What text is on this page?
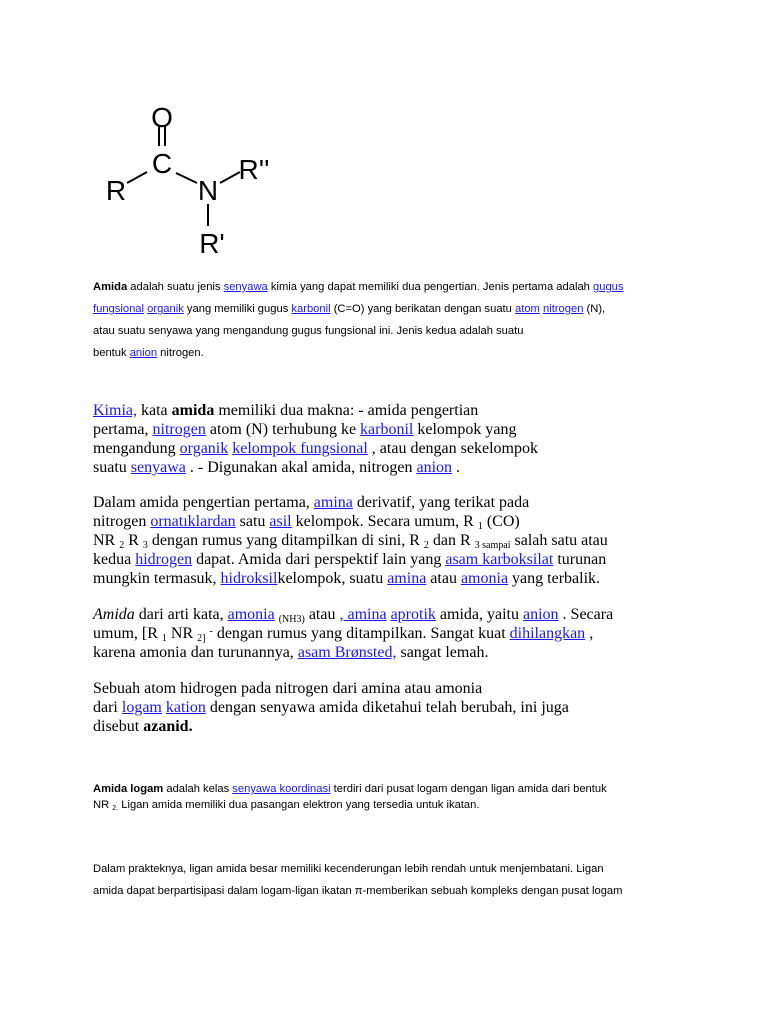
O
C
R	N
R''
R'
Amida adalah suatu jenis senyawa kimia yang dapat memiliki dua pengertian. Jenis pertama adalah gugus
fungsional organik yang memiliki gugus karbonil (C=O) yang berikatan dengan suatu atom nitrogen (N),
atau suatu senyawa yang mengandung gugus fungsional ini. Jenis kedua adalah suatu
bentuk anion nitrogen.
Kimia, kata amida memiliki dua makna: - amida pengertian
pertama, nitrogen atom (N) terhubung ke karbonil kelompok yang
mengandung organik kelompok fungsional , atau dengan sekelompok
suatu senyawa . - Digunakan akal amida, nitrogen anion .
Dalam amida pengertian pertama, amina derivatif, yang terikat pada
nitrogen ornatıklardan satu asil kelompok. Secara umum, R $_1$ (CO)
NR $_2$ R $_3$ dengan rumus yang ditampilkan di sini, R $_2$ dan R $_{3 sampai}$ salah satu atau
kedua hidrogen dapat. Amida dari perspektif lain yang asam karboksilat turunan
mungkin termasuk, hidroksilkelompok, suatu amina atau amonia yang terbalik.
Amida dari arti kata, amonia $_{(NH3)}$ atau , amina aprotik amida, yaitu anion . Secara
umum, [R $_1$ NR $_{2]}$ - dengan rumus yang ditampilkan. Sangat kuat dihilangkan ,
karena amonia dan turunannya, asam Brønsted, sangat lemah.
Sebuah atom hidrogen pada nitrogen dari amina atau amonia
dari logam kation dengan senyawa amida diketahui telah berubah, ini juga
disebut azanid.
Amida logam adalah kelas senyawa koordinasi terdiri dari pusat logam dengan ligan amida dari bentuk
NR $_{2.}$ Ligan amida memiliki dua pasangan elektron yang tersedia untuk ikatan.
Dalam prakteknya, ligan amida besar memiliki kecenderungan lebih rendah untuk menjembatani. Ligan
amida dapat berpartisipasi dalam logam-ligan ikatan π-memberikan sebuah kompleks dengan pusat logam
